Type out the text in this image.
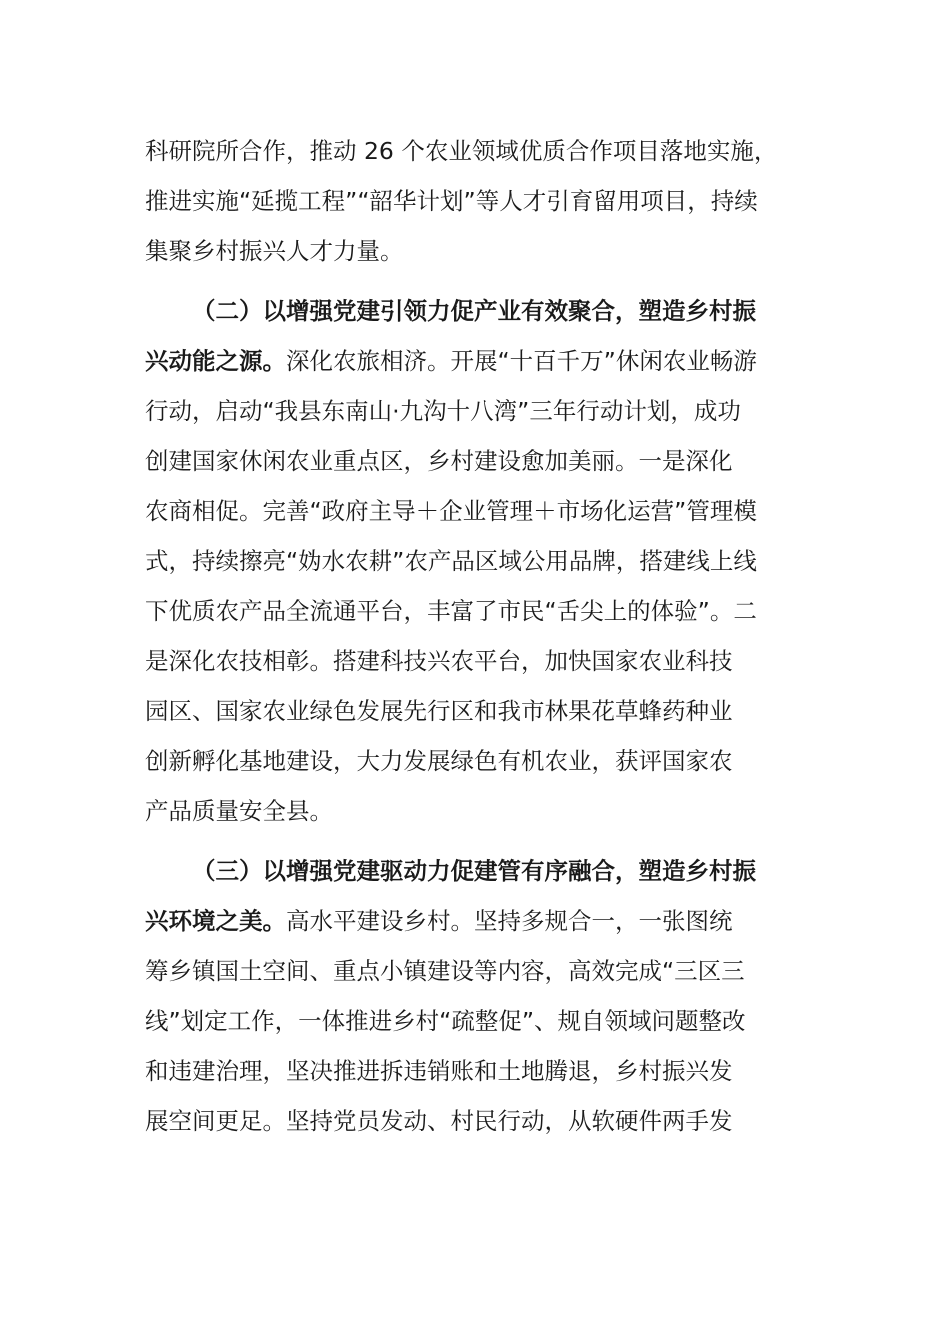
科研院所合作，推动 26 个农业领域优质合作项目落地实施，
推进实施“延揽工程”“韶华计划”等人才引育留用项目，持续
集聚乡村振兴人才力量。
（二）以增强党建引领力促产业有效聚合，塑造乡村振
兴动能之源。深化农旅相济。开展“十百千万”休闲农业畅游
行动，启动“我县东南山·九沟十八湾”三年行动计划，成功
创建国家休闲农业重点区，乡村建设愈加美丽。一是深化
农商相促。完善“政府主导＋企业管理＋市场化运营”管理模
式，持续擦亮“妫水农耕”农产品区域公用品牌，搭建线上线
下优质农产品全流通平台，丰富了市民“舌尖上的体验”。二
是深化农技相彰。搭建科技兴农平台，加快国家农业科技
园区、国家农业绿色发展先行区和我市林果花草蜂药种业
创新孵化基地建设，大力发展绿色有机农业，获评国家农
产品质量安全县。
（三）以增强党建驱动力促建管有序融合，塑造乡村振
兴环境之美。高水平建设乡村。坚持多规合一，一张图统
筹乡镇国土空间、重点小镇建设等内容，高效完成“三区三
线”划定工作，一体推进乡村“疏整促”、规自领域问题整改
和违建治理，坚决推进拆违销账和土地腾退，乡村振兴发
展空间更足。坚持党员发动、村民行动，从软硬件两手发
